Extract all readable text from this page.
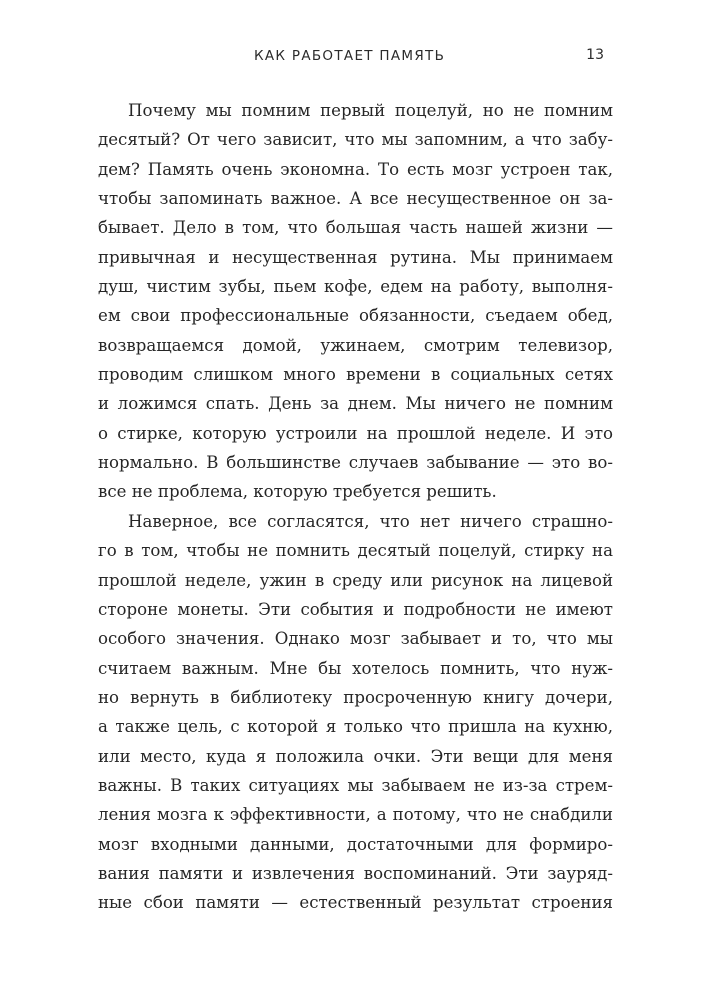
КАК РАБОТАЕТ ПАМЯТЬ	13
Почему мы помним первый поцелуй, но не помним
десятый? От чего зависит, что мы запомним, а что забу-
дем? Память очень экономна. То есть мозг устроен так,
чтобы запоминать важное. А все несущественное он за-
бывает. Дело в том, что большая часть нашей жизни —
привычная и несущественная рутина. Мы принимаем
душ, чистим зубы, пьем кофе, едем на работу, выполня-
ем свои профессиональные обязанности, съедаем обед,
возвращаемся домой, ужинаем, смотрим телевизор,
проводим слишком много времени в социальных сетях
и ложимся спать. День за днем. Мы ничего не помним
о стирке, которую устроили на прошлой неделе. И это
нормально. В большинстве случаев забывание — это во-
все не проблема, которую требуется решить.
Наверное, все согласятся, что нет ничего страшно-
го в том, чтобы не помнить десятый поцелуй, стирку на
прошлой неделе, ужин в среду или рисунок на лицевой
стороне монеты. Эти события и подробности не имеют
особого значения. Однако мозг забывает и то, что мы
считаем важным. Мне бы хотелось помнить, что нуж-
но вернуть в библиотеку просроченную книгу дочери,
а также цель, с которой я только что пришла на кухню,
или место, куда я положила очки. Эти вещи для меня
важны. В таких ситуациях мы забываем не из-за стрем-
ления мозга к эффективности, а потому, что не снабдили
мозг входными данными, достаточными для формиро-
вания памяти и извлечения воспоминаний. Эти зауряд-
ные сбои памяти — естественный результат строения
